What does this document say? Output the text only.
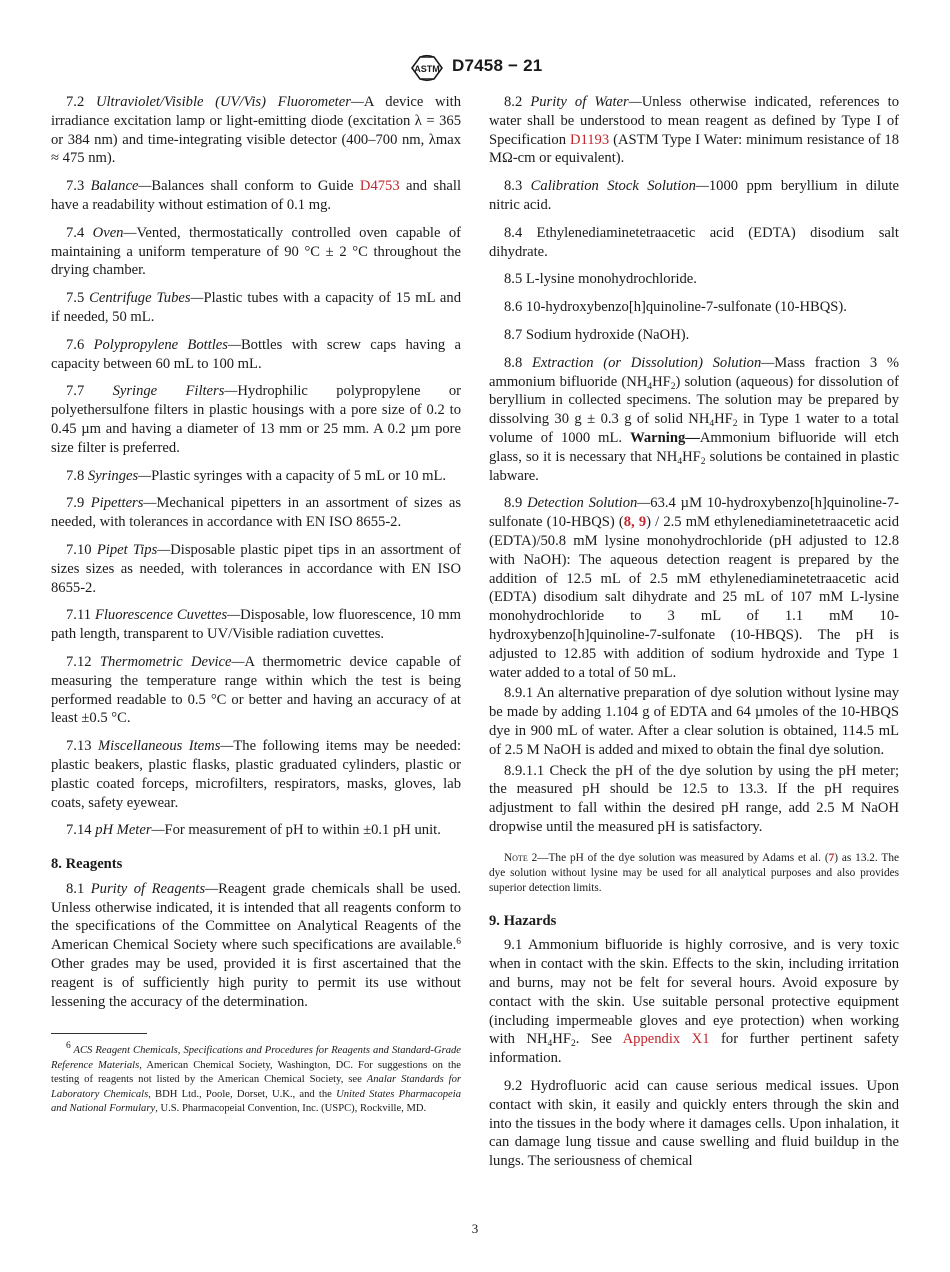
ASTM D7458 − 21

7.2 Ultraviolet/Visible (UV/Vis) Fluorometer—A device with irradiance excitation lamp or light-emitting diode (excitation λ = 365 or 384 nm) and time-integrating visible detector (400–700 nm, λmax ≈ 475 nm).

7.3 Balance—Balances shall conform to Guide D4753 and shall have a readability without estimation of 0.1 mg.

7.4 Oven—Vented, thermostatically controlled oven capable of maintaining a uniform temperature of 90 °C ± 2 °C throughout the drying chamber.

7.5 Centrifuge Tubes—Plastic tubes with a capacity of 15 mL and if needed, 50 mL.

7.6 Polypropylene Bottles—Bottles with screw caps having a capacity between 60 mL to 100 mL.

7.7 Syringe Filters—Hydrophilic polypropylene or polyethersulfone filters in plastic housings with a pore size of 0.2 to 0.45 µm and having a diameter of 13 mm or 25 mm. A 0.2 µm pore size filter is preferred.

7.8 Syringes—Plastic syringes with a capacity of 5 mL or 10 mL.

7.9 Pipetters—Mechanical pipetters in an assortment of sizes as needed, with tolerances in accordance with EN ISO 8655-2.

7.10 Pipet Tips—Disposable plastic pipet tips in an assortment of sizes sizes as needed, with tolerances in accordance with EN ISO 8655-2.

7.11 Fluorescence Cuvettes—Disposable, low fluorescence, 10 mm path length, transparent to UV/Visible radiation cuvettes.

7.12 Thermometric Device—A thermometric device capable of measuring the temperature range within which the test is being performed readable to 0.5 °C or better and having an accuracy of at least ±0.5 °C.

7.13 Miscellaneous Items—The following items may be needed: plastic beakers, plastic flasks, plastic graduated cylinders, plastic or plastic coated forceps, microfilters, respirators, masks, gloves, lab coats, safety eyewear.

7.14 pH Meter—For measurement of pH to within ±0.1 pH unit.

8. Reagents

8.1 Purity of Reagents—Reagent grade chemicals shall be used. Unless otherwise indicated, it is intended that all reagents conform to the specifications of the Committee on Analytical Reagents of the American Chemical Society where such specifications are available.$^6$ Other grades may be used, provided it is first ascertained that the reagent is of sufficiently high purity to permit its use without lessening the accuracy of the determination.

$^6$ ACS Reagent Chemicals, Specifications and Procedures for Reagents and Standard-Grade Reference Materials, American Chemical Society, Washington, DC. For suggestions on the testing of reagents not listed by the American Chemical Society, see Analar Standards for Laboratory Chemicals, BDH Ltd., Poole, Dorset, U.K., and the United States Pharmacopeia and National Formulary, U.S. Pharmacopeial Convention, Inc. (USPC), Rockville, MD.

8.2 Purity of Water—Unless otherwise indicated, references to water shall be understood to mean reagent as defined by Type I of Specification D1193 (ASTM Type I Water: minimum resistance of 18 MΩ-cm or equivalent).

8.3 Calibration Stock Solution—1000 ppm beryllium in dilute nitric acid.

8.4 Ethylenediaminetetraacetic acid (EDTA) disodium salt dihydrate.

8.5 L-lysine monohydrochloride.

8.6 10-hydroxybenzo[h]quinoline-7-sulfonate (10-HBQS).

8.7 Sodium hydroxide (NaOH).

8.8 Extraction (or Dissolution) Solution—Mass fraction 3 % ammonium bifluoride $(NH_4HF_2)$ solution (aqueous) for dissolution of beryllium in collected specimens. The solution may be prepared by dissolving 30 g ± 0.3 g of solid $NH_4HF_2$ in Type 1 water to a total volume of 1000 mL. Warning—Ammonium bifluoride will etch glass, so it is necessary that $NH_4HF_2$ solutions be contained in plastic labware.

8.9 Detection Solution—63.4 µM 10-hydroxybenzo[h]quinoline-7-sulfonate (10-HBQS) (8, 9) / 2.5 mM ethylenediaminetetraacetic acid (EDTA)/50.8 mM lysine monohydrochloride (pH adjusted to 12.8 with NaOH): The aqueous detection reagent is prepared by the addition of 12.5 mL of 2.5 mM ethylenediaminetetraacetic acid (EDTA) disodium salt dihydrate and 25 mL of 107 mM L-lysine monohydrochloride to 3 mL of 1.1 mM 10-hydroxybenzo[h]quinoline-7-sulfonate (10-HBQS). The pH is adjusted to 12.85 with addition of sodium hydroxide and Type 1 water added to a total of 50 mL.

8.9.1 An alternative preparation of dye solution without lysine may be made by adding 1.104 g of EDTA and 64 µmoles of the 10-HBQS dye in 900 mL of water. After a clear solution is obtained, 114.5 mL of 2.5 M NaOH is added and mixed to obtain the final dye solution.

8.9.1.1 Check the pH of the dye solution by using the pH meter; the measured pH should be 12.5 to 13.3. If the pH requires adjustment to fall within the desired pH range, add 2.5 M NaOH dropwise until the measured pH is satisfactory.

Note 2—The pH of the dye solution was measured by Adams et al. (7) as 13.2. The dye solution without lysine may be used for all analytical purposes and also provides superior detection limits.

9. Hazards

9.1 Ammonium bifluoride is highly corrosive, and is very toxic when in contact with the skin. Effects to the skin, including irritation and burns, may not be felt for several hours. Avoid exposure by contact with the skin. Use suitable personal protective equipment (including impermeable gloves and eye protection) when working with $NH_4HF_2$. See Appendix X1 for further pertinent safety information.

9.2 Hydrofluoric acid can cause serious medical issues. Upon contact with skin, it easily and quickly enters through the skin and into the tissues in the body where it damages cells. Upon inhalation, it can damage lung tissue and cause swelling and fluid buildup in the lungs. The seriousness of chemical

3
